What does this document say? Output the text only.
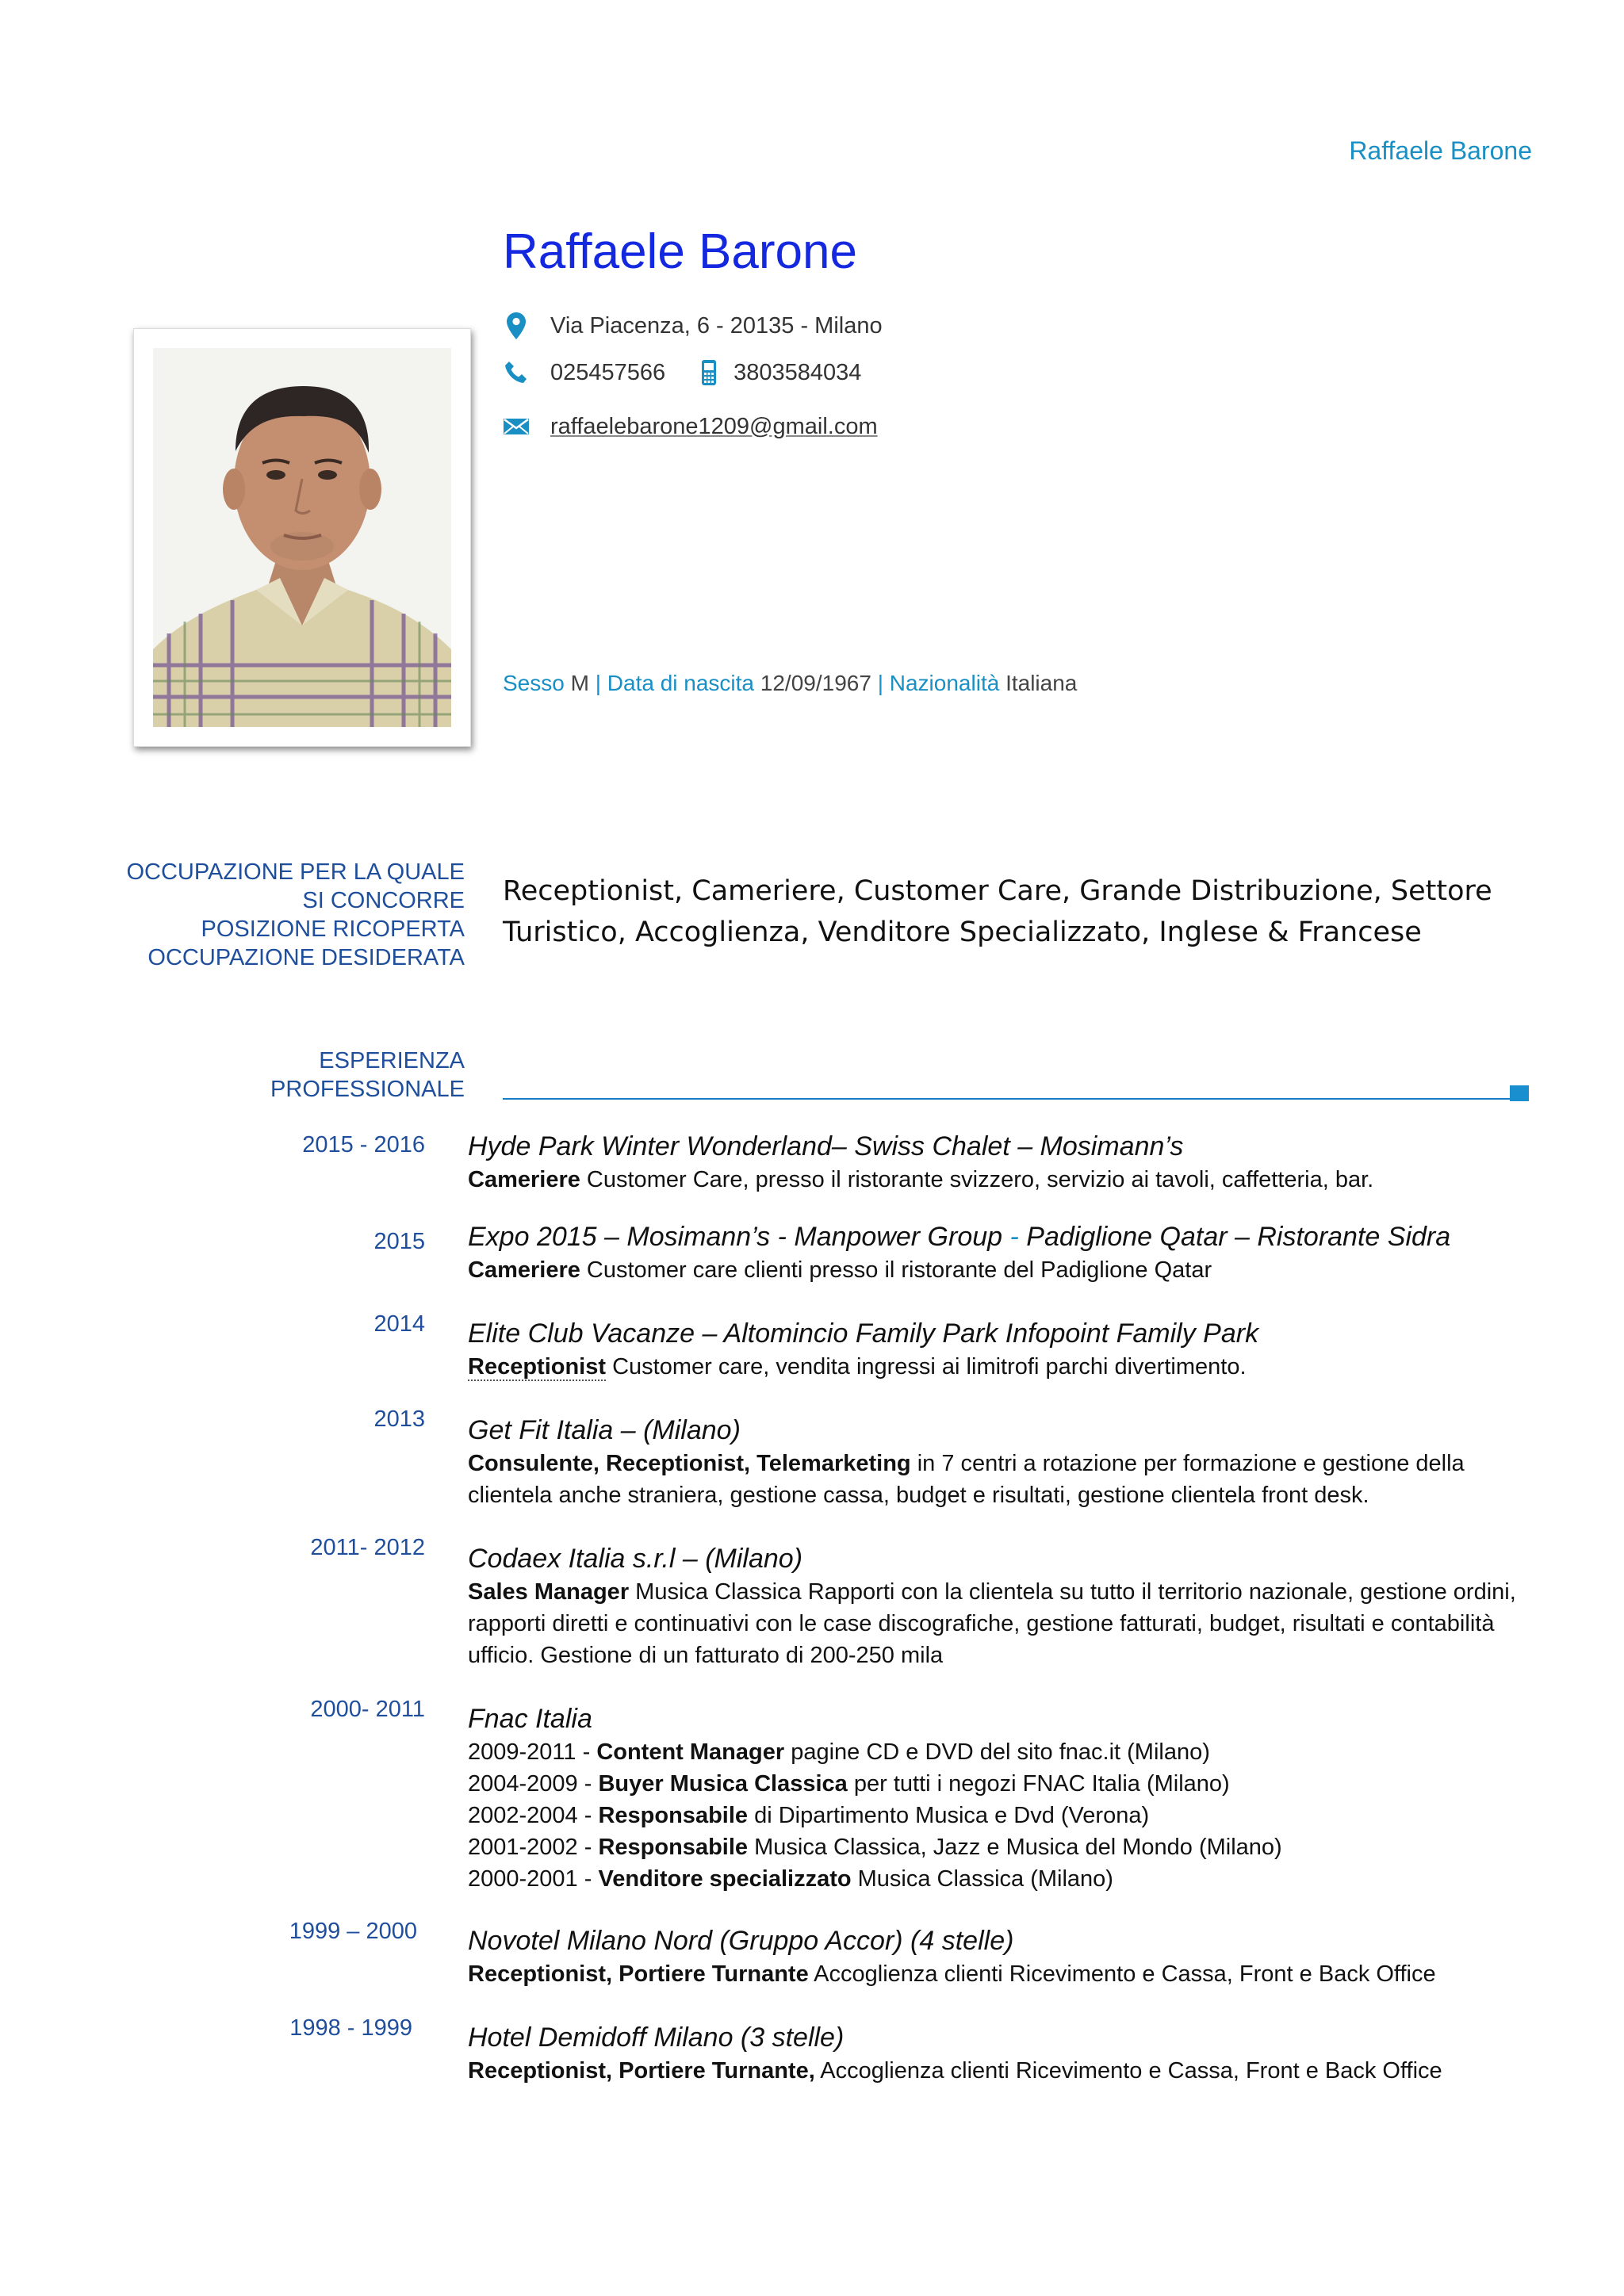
Raffaele Barone
Raffaele Barone
Via Piacenza, 6 - 20135 - Milano
025457566	3803584034
raffaelebarone1209@gmail.com
Sesso M | Data di nascita 12/09/1967 | Nazionalità Italiana
OCCUPAZIONE PER LA QUALE
SI CONCORRE
POSIZIONE RICOPERTA
OCCUPAZIONE DESIDERATA
Receptionist, Cameriere, Customer Care, Grande Distribuzione, Settore
Turistico, Accoglienza, Venditore Specializzato, Inglese & Francese
ESPERIENZA
PROFESSIONALE
2015 - 2016 Hyde Park Winter Wonderland– Swiss Chalet – Mosimann’s
Cameriere Customer Care, presso il ristorante svizzero, servizio ai tavoli, caffetteria, bar.
2015 Expo 2015 – Mosimann’s - Manpower Group - Padiglione Qatar – Ristorante Sidra
Cameriere Customer care clienti presso il ristorante del Padiglione Qatar
2014 Elite Club Vacanze – Altomincio Family Park Infopoint Family Park
Receptionist Customer care, vendita ingressi ai limitrofi parchi divertimento.
2013 Get Fit Italia – (Milano)
Consulente, Receptionist, Telemarketing in 7 centri a rotazione per formazione e gestione della
clientela anche straniera, gestione cassa, budget e risultati, gestione clientela front desk.
2011- 2012 Codaex Italia s.r.l – (Milano)
Sales Manager Musica Classica Rapporti con la clientela su tutto il territorio nazionale, gestione ordini,
rapporti diretti e continuativi con le case discografiche, gestione fatturati, budget, risultati e contabilità
ufficio. Gestione di un fatturato di 200-250 mila
2000- 2011 Fnac Italia
2009-2011 - Content Manager pagine CD e DVD del sito fnac.it (Milano)
2004-2009 - Buyer Musica Classica per tutti i negozi FNAC Italia (Milano)
2002-2004 - Responsabile di Dipartimento Musica e Dvd (Verona)
2001-2002 - Responsabile Musica Classica, Jazz e Musica del Mondo (Milano)
2000-2001 - Venditore specializzato Musica Classica (Milano)
1999 – 2000 Novotel Milano Nord (Gruppo Accor) (4 stelle)
Receptionist, Portiere Turnante Accoglienza clienti Ricevimento e Cassa, Front e Back Office
1998 - 1999 Hotel Demidoff Milano (3 stelle)
Receptionist, Portiere Turnante, Accoglienza clienti Ricevimento e Cassa, Front e Back Office
